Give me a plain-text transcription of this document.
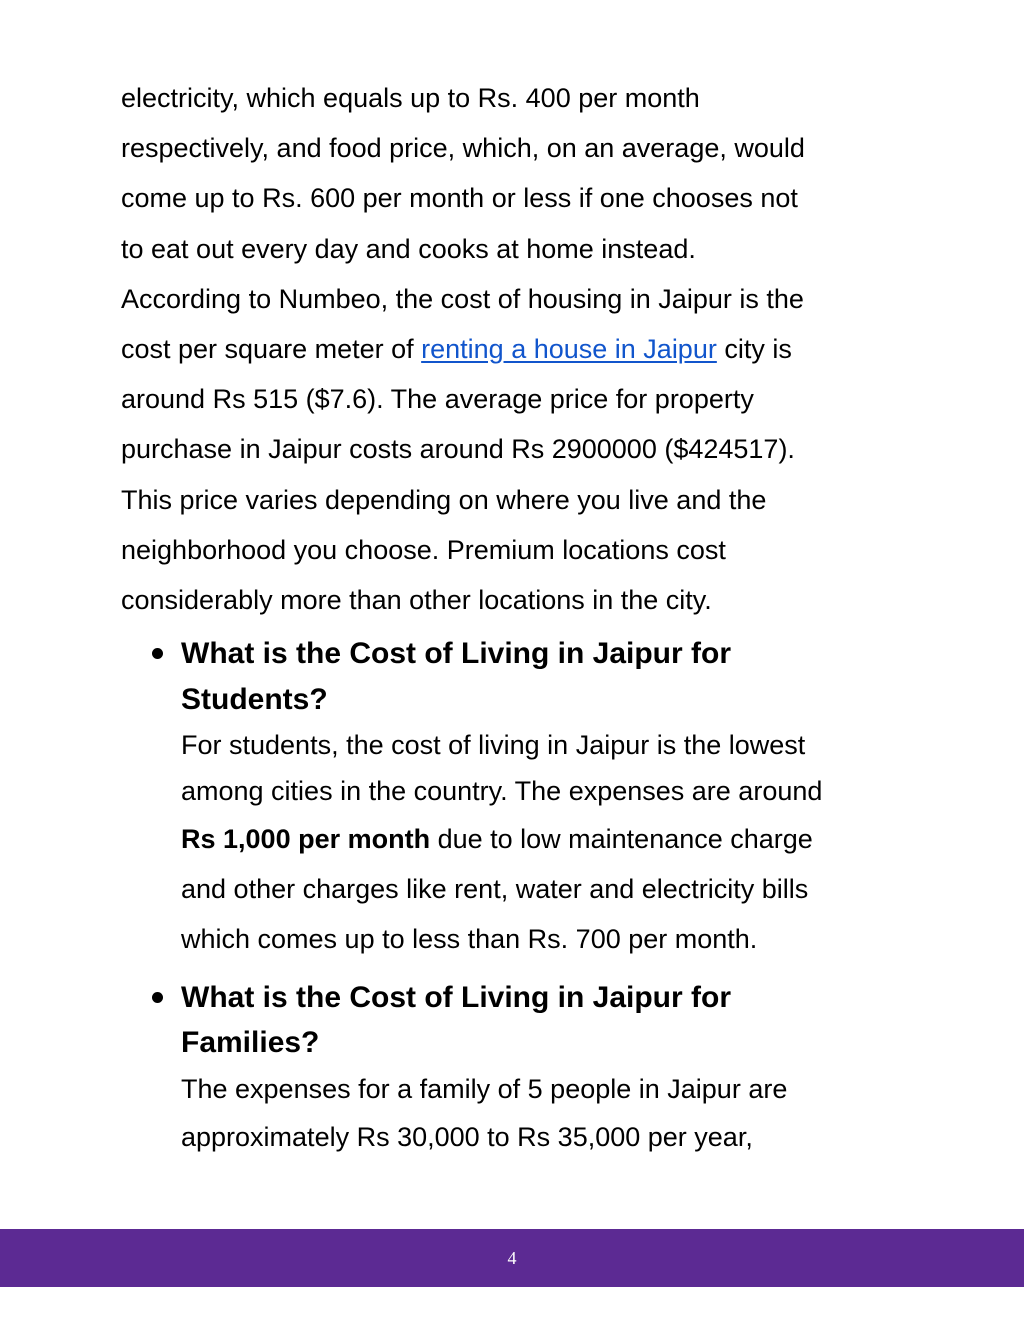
electricity, which equals up to Rs. 400 per month
respectively, and food price, which, on an average, would
come up to Rs. 600 per month or less if one chooses not
to eat out every day and cooks at home instead.
According to Numbeo, the cost of housing in Jaipur is the
cost per square meter of renting a house in Jaipur city is
around Rs 515 ($7.6). The average price for property
purchase in Jaipur costs around Rs 2900000 ($424517).
This price varies depending on where you live and the
neighborhood you choose. Premium locations cost
considerably more than other locations in the city.
What is the Cost of Living in Jaipur for
Students?
For students, the cost of living in Jaipur is the lowest
among cities in the country. The expenses are around
Rs 1,000 per month due to low maintenance charge
and other charges like rent, water and electricity bills
which comes up to less than Rs. 700 per month.
What is the Cost of Living in Jaipur for
Families?
The expenses for a family of 5 people in Jaipur are
approximately Rs 30,000 to Rs 35,000 per year,
4
